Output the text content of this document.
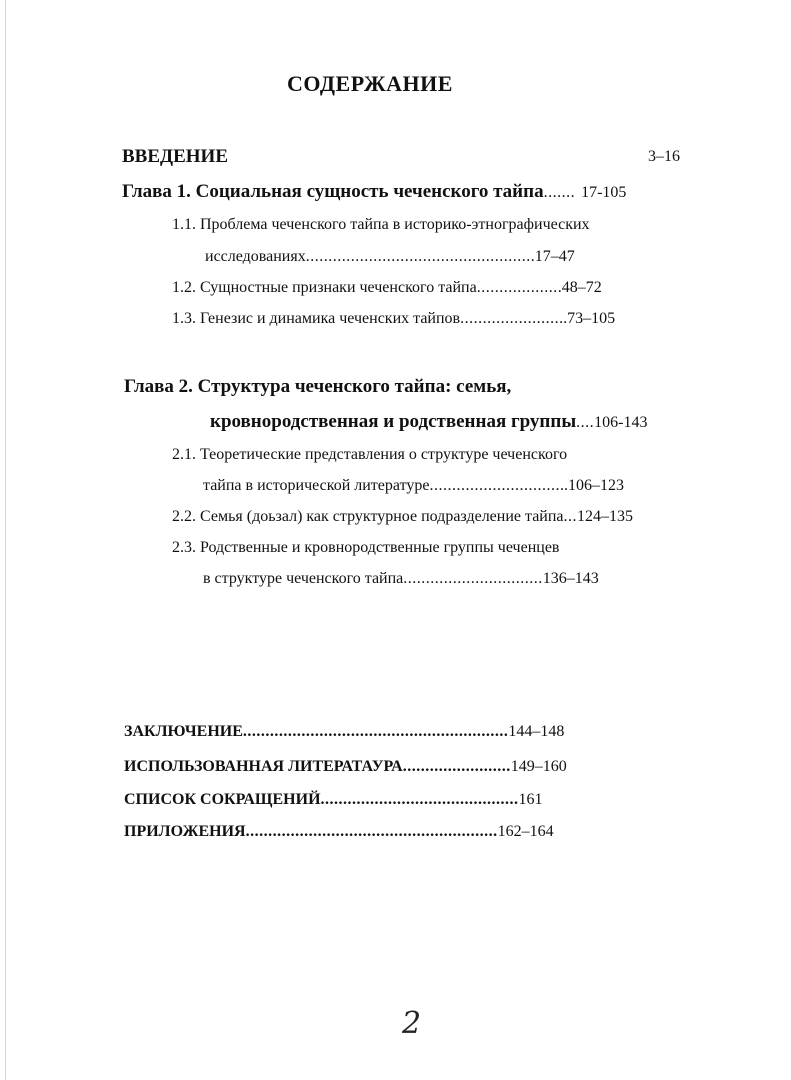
СОДЕРЖАНИЕ
ВВЕДЕНИЕ	3–16
Глава 1. Социальная сущность чеченского тайпа....... 17-105
1.1. Проблема чеченского тайпа в историко-этнографических
исследованиях...................................................17–47
1.2. Сущностные признаки чеченского тайпа...................48–72
1.3. Генезис и динамика чеченских тайпов........................73–105
Глава 2. Структура чеченского тайпа: семья,
кровнородственная и родственная группы....106-143
2.1. Теоретические представления о структуре чеченского
тайпа в исторической литературе...............................106–123
2.2. Семья (доьзал) как структурное подразделение тайпа...124–135
2.3. Родственные и кровнородственные группы чеченцев
в структуре чеченского тайпа...............................136–143
ЗАКЛЮЧЕНИЕ...........................................................144–148
ИСПОЛЬЗОВАННАЯ ЛИТЕРАТАУРА........................149–160
СПИСОК СОКРАЩЕНИЙ............................................161
ПРИЛОЖЕНИЯ........................................................162–164
2
